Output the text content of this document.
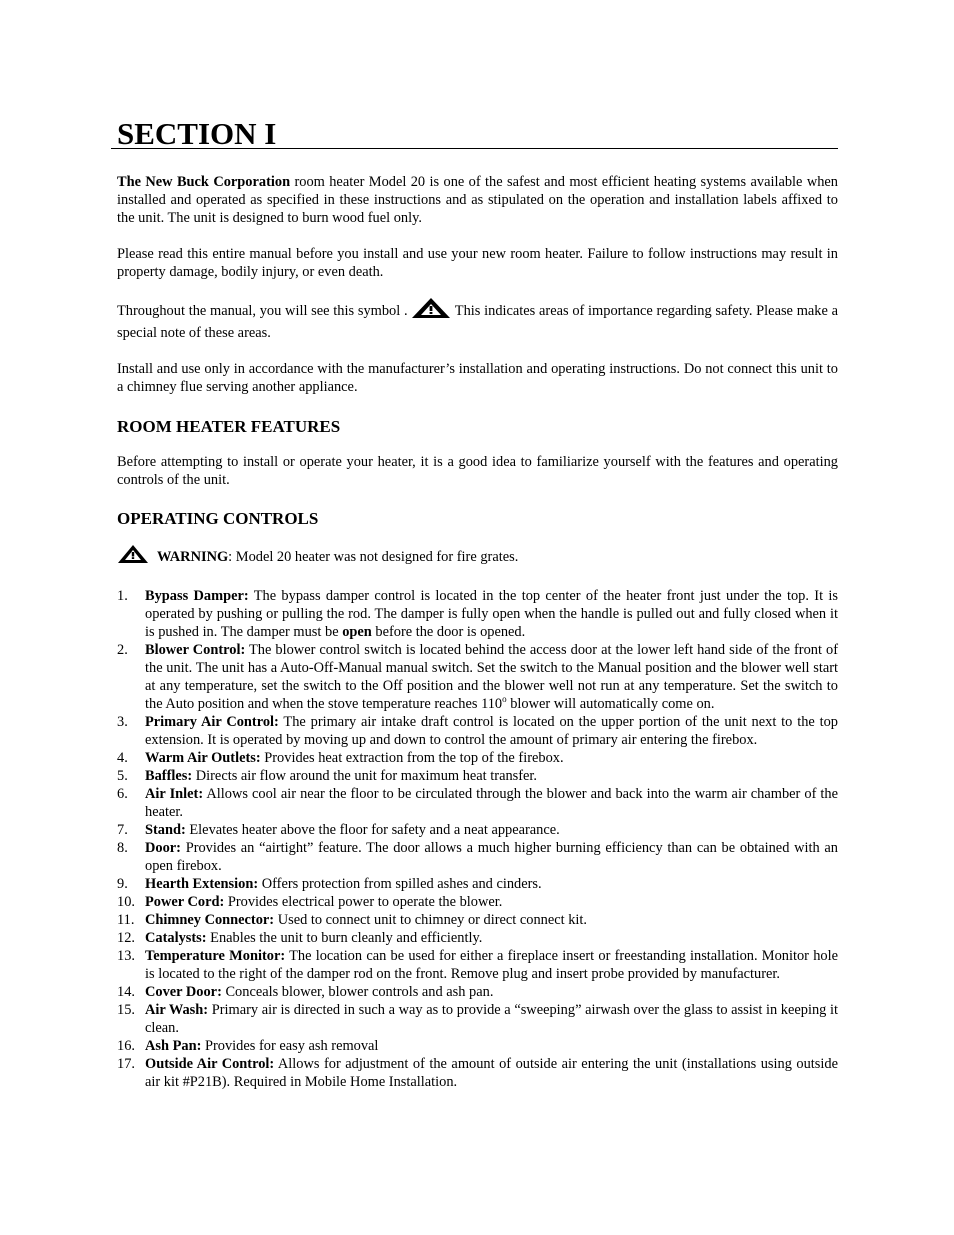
SECTION I

The New Buck Corporation room heater Model 20 is one of the safest and most efficient heating systems available when installed and operated as specified in these instructions and as stipulated on the operation and installation labels affixed to the unit. The unit is designed to burn wood fuel only.

Please read this entire manual before you install and use your new room heater. Failure to follow instructions may result in property damage, bodily injury, or even death.

Throughout the manual, you will see this symbol .	This indicates areas of importance regarding safety. Please make a special note of these areas.

Install and use only in accordance with the manufacturer’s installation and operating instructions. Do not connect this unit to a chimney flue serving another appliance.

ROOM HEATER FEATURES

Before attempting to install or operate your heater, it is a good idea to familiarize yourself with the features and operating controls of the unit.

OPERATING CONTROLS
WARNING: Model 20 heater was not designed for fire grates.
1. Bypass Damper: The bypass damper control is located in the top center of the heater front just under the top. It is operated by pushing or pulling the rod. The damper is fully open when the handle is pulled out and fully closed when it is pushed in. The damper must be open before the door is opened.
2. Blower Control: The blower control switch is located behind the access door at the lower left hand side of the front of the unit. The unit has a Auto-Off-Manual manual switch. Set the switch to the Manual position and the blower well start at any temperature, set the switch to the Off position and the blower well not run at any temperature. Set the switch to the Auto position and when the stove temperature reaches 110$^o$ blower will automatically come on.
3. Primary Air Control: The primary air intake draft control is located on the upper portion of the unit next to the top extension. It is operated by moving up and down to control the amount of primary air entering the firebox.
4. Warm Air Outlets: Provides heat extraction from the top of the firebox.
5. Baffles: Directs air flow around the unit for maximum heat transfer.
6. Air Inlet: Allows cool air near the floor to be circulated through the blower and back into the warm air chamber of the heater.
7. Stand: Elevates heater above the floor for safety and a neat appearance.
8. Door: Provides an “airtight” feature. The door allows a much higher burning efficiency than can be obtained with an open firebox.
9. Hearth Extension: Offers protection from spilled ashes and cinders.
10. Power Cord: Provides electrical power to operate the blower.
11. Chimney Connector: Used to connect unit to chimney or direct connect kit.
12. Catalysts: Enables the unit to burn cleanly and efficiently.
13. Temperature Monitor: The location can be used for either a fireplace insert or freestanding installation. Monitor hole is located to the right of the damper rod on the front. Remove plug and insert probe provided by manufacturer.
14. Cover Door: Conceals blower, blower controls and ash pan.
15. Air Wash: Primary air is directed in such a way as to provide a “sweeping” airwash over the glass to assist in keeping it clean.
16. Ash Pan: Provides for easy ash removal
17. Outside Air Control: Allows for adjustment of the amount of outside air entering the unit (installations using outside air kit #P21B). Required in Mobile Home Installation.
